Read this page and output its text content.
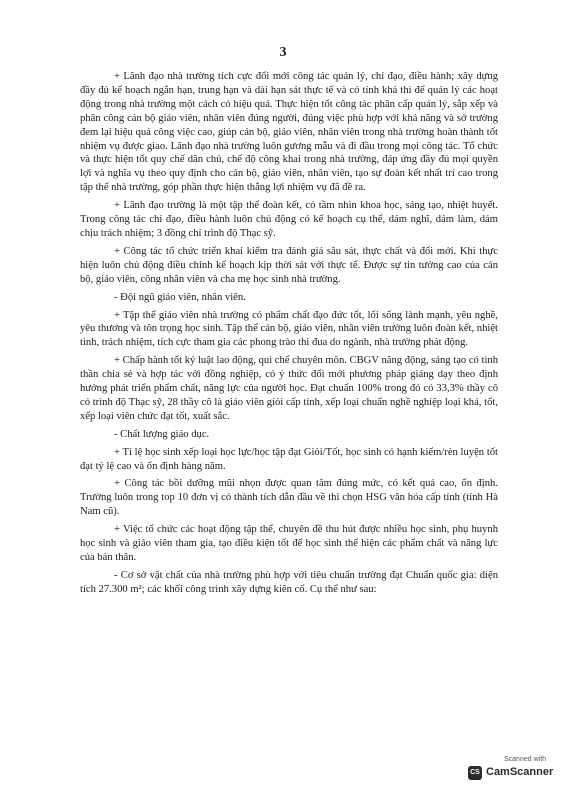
3

+ Lãnh đạo nhà trường tích cực đổi mới công tác quản lý, chỉ đạo, điều hành; xây dựng đầy đủ kế hoạch ngắn hạn, trung hạn và dài hạn sát thực tế và có tính khả thi để quản lý các hoạt động trong nhà trường một cách có hiệu quả. Thực hiện tốt công tác phân cấp quản lý, sắp xếp và phân công cán bộ giáo viên, nhân viên đúng người, đúng việc phù hợp với khả năng và sở trường đem lại hiệu quả công việc cao, giúp cán bộ, giáo viên, nhân viên trong nhà trường hoàn thành tốt nhiệm vụ được giao. Lãnh đạo nhà trường luôn gương mẫu và đi đầu trong mọi công tác. Tổ chức và thực hiện tốt quy chế dân chủ, chế độ công khai trong nhà trường, đáp ứng đầy đủ mọi quyền lợi và nghĩa vụ theo quy định cho cán bộ, giáo viên, nhân viên, tạo sự đoàn kết nhất trí cao trong tập thể nhà trường, góp phần thực hiện thắng lợi nhiệm vụ đã đề ra.

+ Lãnh đạo trường là một tập thể đoàn kết, có tầm nhìn khoa học, sáng tạo, nhiệt huyết. Trong công tác chỉ đạo, điều hành luôn chủ động có kế hoạch cụ thể, dám nghĩ, dám làm, dám chịu trách nhiệm; 3 đồng chí trình độ Thạc sỹ.

+ Công tác tổ chức triển khai kiểm tra đánh giá sâu sát, thực chất và đổi mới. Khi thực hiện luôn chủ động điều chỉnh kế hoạch kịp thời sát với thực tế. Được sự tin tưởng cao của cán bộ, giáo viên, công nhân viên và cha mẹ học sinh nhà trường.

- Đội ngũ giáo viên, nhân viên.

+ Tập thể giáo viên nhà trường có phẩm chất đạo đức tốt, lối sống lành mạnh, yêu nghề, yêu thương và tôn trọng học sinh. Tập thể cán bộ, giáo viên, nhân viên trường luôn đoàn kết, nhiệt tình, trách nhiệm, tích cực tham gia các phong trào thi đua do ngành, nhà trường phát động.

+ Chấp hành tốt kỷ luật lao động, qui chế chuyên môn. CBGV năng động, sáng tạo có tinh thần chia sẻ và hợp tác với đồng nghiệp, có ý thức đổi mới phương pháp giảng dạy theo định hướng phát triển phẩm chất, năng lực của người học. Đạt chuẩn 100% trong đó có 33,3% thầy cô có trình độ Thạc sỹ, 28 thầy cô là giáo viên giỏi cấp tỉnh, xếp loại chuẩn nghề nghiệp loại khá, tốt, xếp loại viên chức đạt tốt, xuất sắc.

- Chất lượng giáo dục.

+ Tỉ lệ học sinh xếp loại học lực/học tập đạt Giỏi/Tốt, học sinh có hạnh kiểm/rèn luyện tốt đạt tỷ lệ cao và ổn định hàng năm.

+ Công tác bồi dưỡng mũi nhọn được quan tâm đúng mức, có kết quả cao, ổn định. Trường luôn trong top 10 đơn vị có thành tích dẫn đầu về thi chọn HSG văn hóa cấp tỉnh (tỉnh Hà Nam cũ).

+ Việc tổ chức các hoạt động tập thể, chuyên đề thu hút được nhiều học sinh, phụ huynh học sinh và giáo viên tham gia, tạo điều kiện tốt để học sinh thể hiện các phẩm chất và năng lực của bản thân.

- Cơ sở vật chất của nhà trường phù hợp với tiêu chuẩn trường đạt Chuẩn quốc gia: diện tích 27.300 m²; các khối công trình xây dựng kiên cố. Cụ thể như sau:

Scanned with
CS CamScanner
